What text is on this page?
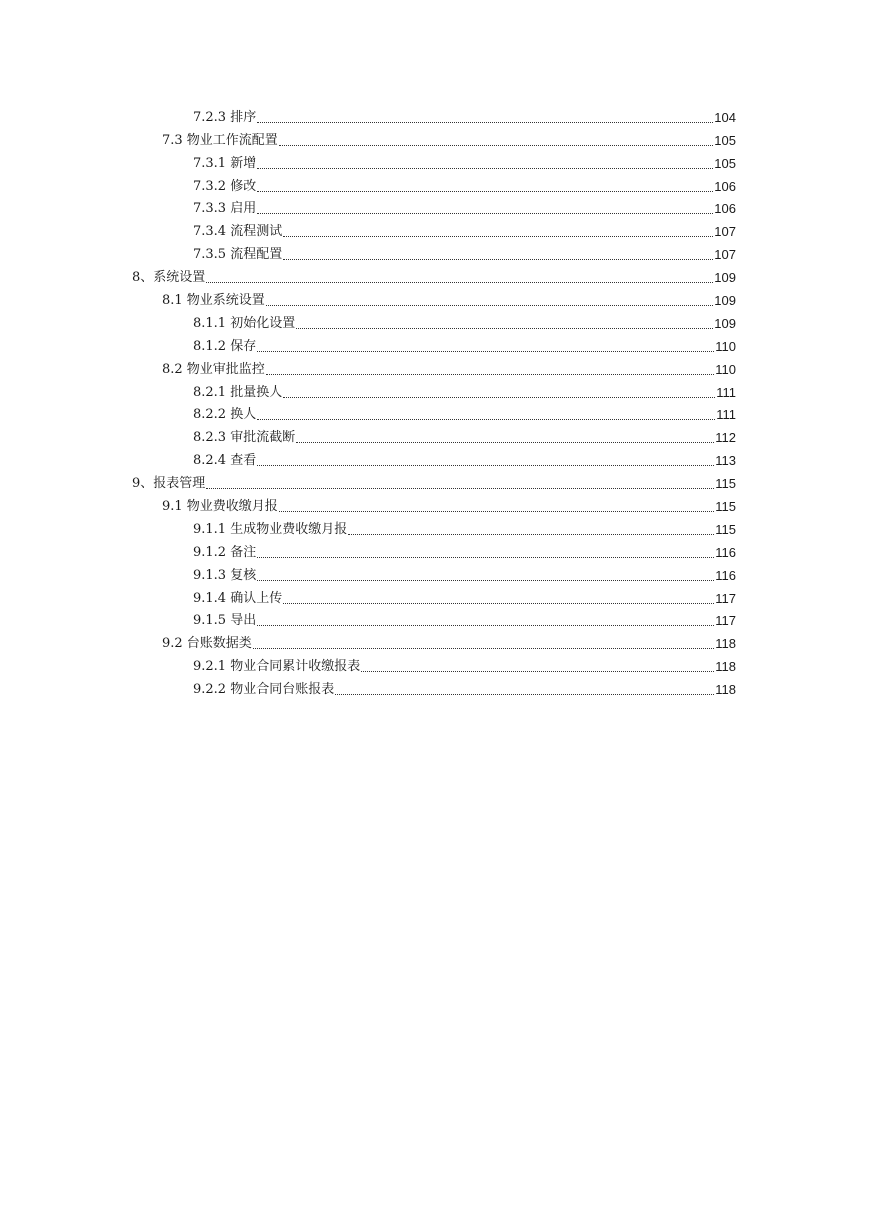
7.2.3 排序	104
7.3 物业工作流配置	105
7.3.1 新增	105
7.3.2 修改	106
7.3.3 启用	106
7.3.4 流程测试	107
7.3.5 流程配置	107
8、系统设置	109
8.1 物业系统设置	109
8.1.1 初始化设置	109
8.1.2 保存	110
8.2 物业审批监控	110
8.2.1 批量换人	111
8.2.2 换人	111
8.2.3 审批流截断	112
8.2.4 查看	113
9、报表管理	115
9.1 物业费收缴月报	115
9.1.1 生成物业费收缴月报	115
9.1.2 备注	116
9.1.3 复核	116
9.1.4 确认上传	117
9.1.5 导出	117
9.2 台账数据类	118
9.2.1 物业合同累计收缴报表	118
9.2.2 物业合同台账报表	118
